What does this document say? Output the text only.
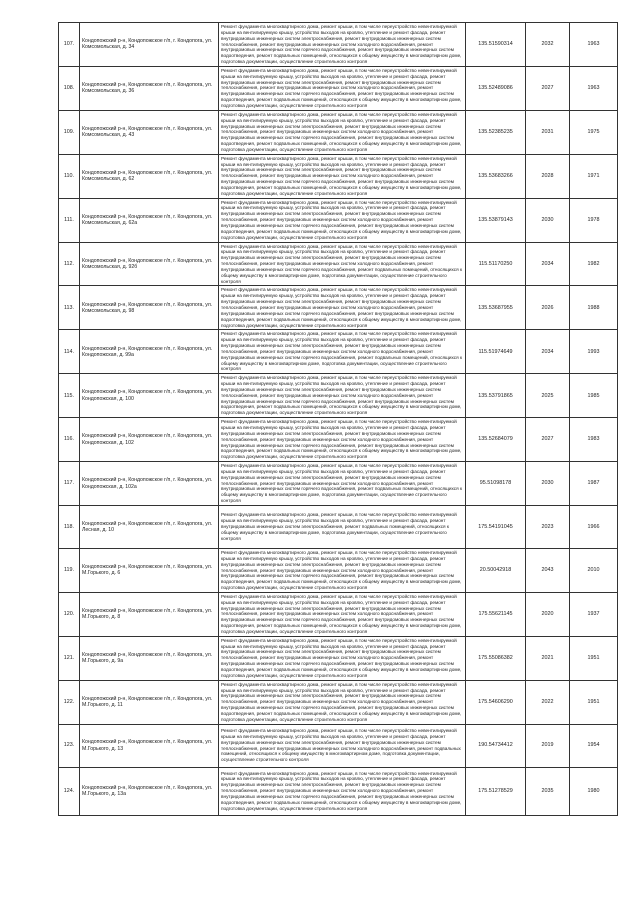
107.	Кондопожский р-н, Кондопожское г/п, г. Кондопога, ул. Комсомольская, д. 34	Ремонт фундамента многоквартирного дома, ремонт крыши, в том числе переустройство невентилируемой крыши на вентилируемую крышу, устройство выходов на кровлю, утепление и ремонт фасада, ремонт внутридомовых инженерных систем электроснабжения, ремонт внутридомовых инженерных систем теплоснабжения, ремонт внутридомовых инженерных систем холодного водоснабжения, ремонт внутридомовых инженерных систем горячего водоснабжения, ремонт внутридомовых инженерных систем водоотведения, ремонт подвальных помещений, относящихся к общему имуществу в многоквартирном доме, подготовка документации, осуществление строительного контроля	135.51590314	2032	1963
108.	Кондопожский р-н, Кондопожское г/п, г. Кондопога, ул. Комсомольская, д. 36	Ремонт фундамента многоквартирного дома, ремонт крыши, в том числе переустройство невентилируемой крыши на вентилируемую крышу, устройство выходов на кровлю, утепление и ремонт фасада, ремонт внутридомовых инженерных систем электроснабжения, ремонт внутридомовых инженерных систем теплоснабжения, ремонт внутридомовых инженерных систем холодного водоснабжения, ремонт внутридомовых инженерных систем горячего водоснабжения, ремонт внутридомовых инженерных систем водоотведения, ремонт подвальных помещений, относящихся к общему имуществу в многоквартирном доме, подготовка документации, осуществление строительного контроля	135.52489086	2027	1963
109.	Кондопожский р-н, Кондопожское г/п, г. Кондопога, ул. Комсомольская, д. 43	Ремонт фундамента многоквартирного дома, ремонт крыши, в том числе переустройство невентилируемой крыши на вентилируемую крышу, устройство выходов на кровлю, утепление и ремонт фасада, ремонт внутридомовых инженерных систем электроснабжения, ремонт внутридомовых инженерных систем теплоснабжения, ремонт внутридомовых инженерных систем холодного водоснабжения, ремонт внутридомовых инженерных систем горячего водоснабжения, ремонт внутридомовых инженерных систем водоотведения, ремонт подвальных помещений, относящихся к общему имуществу в многоквартирном доме, подготовка документации, осуществление строительного контроля	135.52385235	2031	1975
110.	Кондопожский р-н, Кондопожское г/п, г. Кондопога, ул. Комсомольская, д. 62	Ремонт фундамента многоквартирного дома, ремонт крыши, в том числе переустройство невентилируемой крыши на вентилируемую крышу, устройство выходов на кровлю, утепление и ремонт фасада, ремонт внутридомовых инженерных систем электроснабжения, ремонт внутридомовых инженерных систем теплоснабжения, ремонт внутридомовых инженерных систем холодного водоснабжения, ремонт внутридомовых инженерных систем горячего водоснабжения, ремонт внутридомовых инженерных систем водоотведения, ремонт подвальных помещений, относящихся к общему имуществу в многоквартирном доме, подготовка документации, осуществление строительного контроля	135.53683266	2028	1971
111.	Кондопожский р-н, Кондопожское г/п, г. Кондопога, ул. Комсомольская, д. 62а	Ремонт фундамента многоквартирного дома, ремонт крыши, в том числе переустройство невентилируемой крыши на вентилируемую крышу, устройство выходов на кровлю, утепление и ремонт фасада, ремонт внутридомовых инженерных систем электроснабжения, ремонт внутридомовых инженерных систем теплоснабжения, ремонт внутридомовых инженерных систем холодного водоснабжения, ремонт внутридомовых инженерных систем горячего водоснабжения, ремонт внутридомовых инженерных систем водоотведения, ремонт подвальных помещений, относящихся к общему имуществу в многоквартирном доме, подготовка документации, осуществление строительного контроля	135.53879143	2030	1978
112.	Кондопожский р-н, Кондопожское г/п, г. Кондопога, ул. Комсомольская, д. 92б	Ремонт фундамента многоквартирного дома, ремонт крыши, в том числе переустройство невентилируемой крыши на вентилируемую крышу, устройство выходов на кровлю, утепление и ремонт фасада, ремонт внутридомовых инженерных систем электроснабжения, ремонт внутридомовых инженерных систем теплоснабжения, ремонт внутридомовых инженерных систем холодного водоснабжения, ремонт внутридомовых инженерных систем горячего водоснабжения, ремонт подвальных помещений, относящихся к общему имуществу в многоквартирном доме, подготовка документации, осуществление строительного контроля	115.51170250	2034	1982
113.	Кондопожский р-н, Кондопожское г/п, г. Кондопога, ул. Комсомольская, д. 98	Ремонт фундамента многоквартирного дома, ремонт крыши, в том числе переустройство невентилируемой крыши на вентилируемую крышу, устройство выходов на кровлю, утепление и ремонт фасада, ремонт внутридомовых инженерных систем электроснабжения, ремонт внутридомовых инженерных систем теплоснабжения, ремонт внутридомовых инженерных систем холодного водоснабжения, ремонт внутридомовых инженерных систем горячего водоснабжения, ремонт внутридомовых инженерных систем водоотведения, ремонт подвальных помещений, относящихся к общему имуществу в многоквартирном доме, подготовка документации, осуществление строительного контроля	135.53687955	2026	1988
114.	Кондопожский р-н, Кондопожское г/п, г. Кондопога, ул. Кондопожская, д. 99а	Ремонт фундамента многоквартирного дома, ремонт крыши, в том числе переустройство невентилируемой крыши на вентилируемую крышу, устройство выходов на кровлю, утепление и ремонт фасада, ремонт внутридомовых инженерных систем электроснабжения, ремонт внутридомовых инженерных систем теплоснабжения, ремонт внутридомовых инженерных систем холодного водоснабжения, ремонт внутридомовых инженерных систем горячего водоснабжения, ремонт подвальных помещений, относящихся к общему имуществу в многоквартирном доме, подготовка документации, осуществление строительного контроля	115.51974649	2034	1993
115.	Кондопожский р-н, Кондопожское г/п, г. Кондопога, ул. Кондопожская, д. 100	Ремонт фундамента многоквартирного дома, ремонт крыши, в том числе переустройство невентилируемой крыши на вентилируемую крышу, устройство выходов на кровлю, утепление и ремонт фасада, ремонт внутридомовых инженерных систем электроснабжения, ремонт внутридомовых инженерных систем теплоснабжения, ремонт внутридомовых инженерных систем холодного водоснабжения, ремонт внутридомовых инженерных систем горячего водоснабжения, ремонт внутридомовых инженерных систем водоотведения, ремонт подвальных помещений, относящихся к общему имуществу в многоквартирном доме, подготовка документации, осуществление строительного контроля	135.53791865	2025	1985
116.	Кондопожский р-н, Кондопожское г/п, г. Кондопога, ул. Кондопожская, д. 102	Ремонт фундамента многоквартирного дома, ремонт крыши, в том числе переустройство невентилируемой крыши на вентилируемую крышу, устройство выходов на кровлю, утепление и ремонт фасада, ремонт внутридомовых инженерных систем электроснабжения, ремонт внутридомовых инженерных систем теплоснабжения, ремонт внутридомовых инженерных систем холодного водоснабжения, ремонт внутридомовых инженерных систем горячего водоснабжения, ремонт внутридомовых инженерных систем водоотведения, ремонт подвальных помещений, относящихся к общему имуществу в многоквартирном доме, подготовка документации, осуществление строительного контроля	135.52684079	2027	1983
117.	Кондопожский р-н, Кондопожское г/п, г. Кондопога, ул. Кондопожская, д. 102а	Ремонт фундамента многоквартирного дома, ремонт крыши, в том числе переустройство невентилируемой крыши на вентилируемую крышу, устройство выходов на кровлю, утепление и ремонт фасада, ремонт внутридомовых инженерных систем электроснабжения, ремонт внутридомовых инженерных систем теплоснабжения, ремонт внутридомовых инженерных систем холодного водоснабжения, ремонт внутридомовых инженерных систем горячего водоснабжения, ремонт подвальных помещений, относящихся к общему имуществу в многоквартирном доме, подготовка документации, осуществление строительного контроля	95.51098178	2030	1987
118.	Кондопожский р-н, Кондопожское г/п, г. Кондопога, ул. Лесная, д. 10	Ремонт фундамента многоквартирного дома, ремонт крыши, в том числе переустройство невентилируемой крыши на вентилируемую крышу, устройство выходов на кровлю, утепление и ремонт фасада, ремонт внутридомовых инженерных систем электроснабжения, ремонт подвальных помещений, относящихся к общему имуществу в многоквартирном доме, подготовка документации, осуществление строительного контроля	175.54191045	2023	1966
119.	Кондопожский р-н, Кондопожское г/п, г. Кондопога, ул. М.Горького, д. 6	Ремонт фундамента многоквартирного дома, ремонт крыши, в том числе переустройство невентилируемой крыши на вентилируемую крышу, устройство выходов на кровлю, утепление и ремонт фасада, ремонт внутридомовых инженерных систем электроснабжения, ремонт внутридомовых инженерных систем теплоснабжения, ремонт внутридомовых инженерных систем холодного водоснабжения, ремонт внутридомовых инженерных систем горячего водоснабжения, ремонт внутридомовых инженерных систем водоотведения, ремонт подвальных помещений, относящихся к общему имуществу в многоквартирном доме, подготовка документации, осуществление строительного контроля	20.50042918	2043	2010
120.	Кондопожский р-н, Кондопожское г/п, г. Кондопога, ул. М.Горького, д. 8	Ремонт фундамента многоквартирного дома, ремонт крыши, в том числе переустройство невентилируемой крыши на вентилируемую крышу, устройство выходов на кровлю, утепление и ремонт фасада, ремонт внутридомовых инженерных систем электроснабжения, ремонт внутридомовых инженерных систем теплоснабжения, ремонт внутридомовых инженерных систем холодного водоснабжения, ремонт внутридомовых инженерных систем горячего водоснабжения, ремонт внутридомовых инженерных систем водоотведения, ремонт подвальных помещений, относящихся к общему имуществу в многоквартирном доме, подготовка документации, осуществление строительного контроля	175.55621145	2020	1937
121.	Кондопожский р-н, Кондопожское г/п, г. Кондопога, ул. М.Горького, д. 9а	Ремонт фундамента многоквартирного дома, ремонт крыши, в том числе переустройство невентилируемой крыши на вентилируемую крышу, устройство выходов на кровлю, утепление и ремонт фасада, ремонт внутридомовых инженерных систем электроснабжения, ремонт внутридомовых инженерных систем теплоснабжения, ремонт внутридомовых инженерных систем холодного водоснабжения, ремонт внутридомовых инженерных систем горячего водоснабжения, ремонт внутридомовых инженерных систем водоотведения, ремонт подвальных помещений, относящихся к общему имуществу в многоквартирном доме, подготовка документации, осуществление строительного контроля	175.55086382	2021	1951
122.	Кондопожский р-н, Кондопожское г/п, г. Кондопога, ул. М.Горького, д. 11	Ремонт фундамента многоквартирного дома, ремонт крыши, в том числе переустройство невентилируемой крыши на вентилируемую крышу, устройство выходов на кровлю, утепление и ремонт фасада, ремонт внутридомовых инженерных систем электроснабжения, ремонт внутридомовых инженерных систем теплоснабжения, ремонт внутридомовых инженерных систем холодного водоснабжения, ремонт внутридомовых инженерных систем горячего водоснабжения, ремонт внутридомовых инженерных систем водоотведения, ремонт подвальных помещений, относящихся к общему имуществу в многоквартирном доме, подготовка документации, осуществление строительного контроля	175.54606290	2022	1951
123.	Кондопожский р-н, Кондопожское г/п, г. Кондопога, ул. М.Горького, д. 13	Ремонт фундамента многоквартирного дома, ремонт крыши, в том числе переустройство невентилируемой крыши на вентилируемую крышу, устройство выходов на кровлю, утепление и ремонт фасада, ремонт внутридомовых инженерных систем электроснабжения, ремонт внутридомовых инженерных систем теплоснабжения, ремонт внутридомовых инженерных систем холодного водоснабжения, ремонт подвальных помещений, относящихся к общему имуществу в многоквартирном доме, подготовка документации, осуществление строительного контроля	190.54734412	2019	1954
124.	Кондопожский р-н, Кондопожское г/п, г. Кондопога, ул. М.Горького, д. 13а	Ремонт фундамента многоквартирного дома, ремонт крыши, в том числе переустройство невентилируемой крыши на вентилируемую крышу, устройство выходов на кровлю, утепление и ремонт фасада, ремонт внутридомовых инженерных систем электроснабжения, ремонт внутридомовых инженерных систем теплоснабжения, ремонт внутридомовых инженерных систем холодного водоснабжения, ремонт внутридомовых инженерных систем горячего водоснабжения, ремонт внутридомовых инженерных систем водоотведения, ремонт подвальных помещений, относящихся к общему имуществу в многоквартирном доме, подготовка документации, осуществление строительного контроля	175.51278529	2035	1980
